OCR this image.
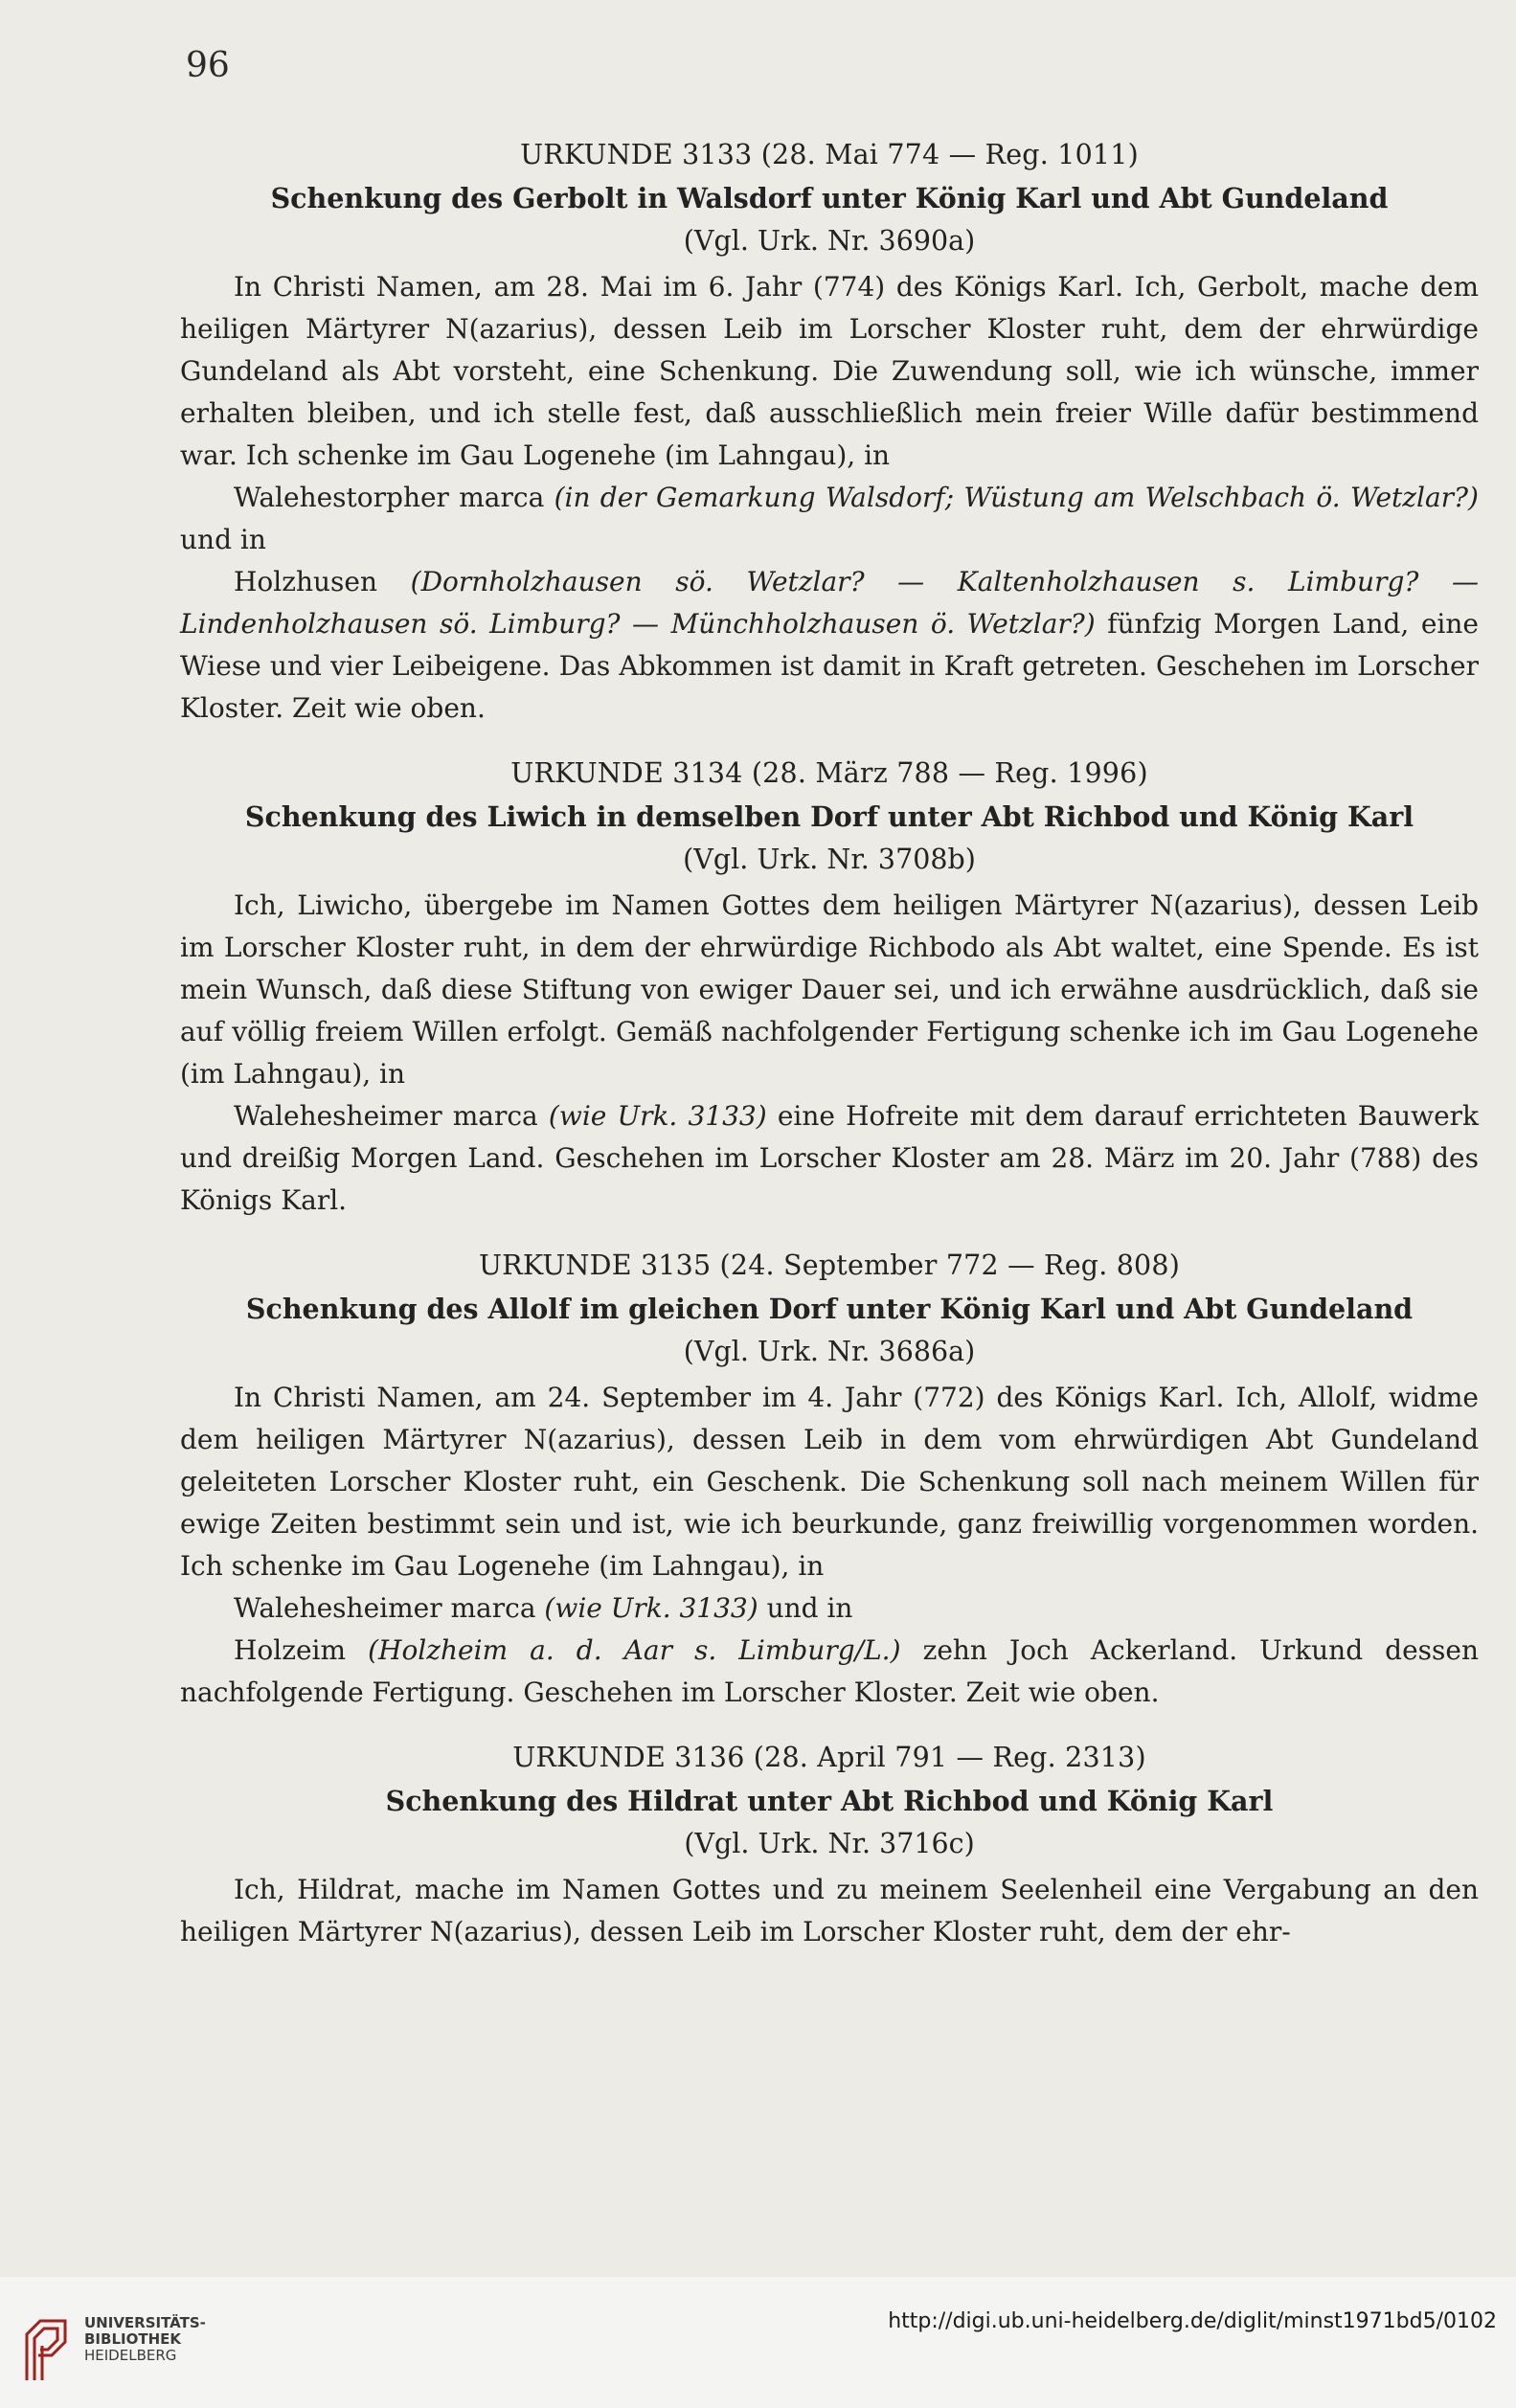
96

URKUNDE 3133 (28. Mai 774 — Reg. 1011)

Schenkung des Gerbolt in Walsdorf unter König Karl und Abt Gundeland

(Vgl. Urk. Nr. 3690a)

In Christi Namen, am 28. Mai im 6. Jahr (774) des Königs Karl. Ich, Gerbolt, mache dem heiligen Märtyrer N(azarius), dessen Leib im Lorscher Kloster ruht, dem der ehrwürdige Gundeland als Abt vorsteht, eine Schenkung. Die Zuwendung soll, wie ich wünsche, immer erhalten bleiben, und ich stelle fest, daß ausschließlich mein freier Wille dafür bestimmend war. Ich schenke im Gau Logenehe (im Lahngau), in

Walehestorpher marca (in der Gemarkung Walsdorf; Wüstung am Welschbach ö. Wetzlar?) und in

Holzhusen (Dornholzhausen sö. Wetzlar? — Kaltenholzhausen s. Limburg? — Lindenholzhausen sö. Limburg? — Münchholzhausen ö. Wetzlar?) fünfzig Morgen Land, eine Wiese und vier Leibeigene. Das Abkommen ist damit in Kraft getreten. Geschehen im Lorscher Kloster. Zeit wie oben.

URKUNDE 3134 (28. März 788 — Reg. 1996)

Schenkung des Liwich in demselben Dorf unter Abt Richbod und König Karl

(Vgl. Urk. Nr. 3708b)

Ich, Liwicho, übergebe im Namen Gottes dem heiligen Märtyrer N(azarius), dessen Leib im Lorscher Kloster ruht, in dem der ehrwürdige Richbodo als Abt waltet, eine Spende. Es ist mein Wunsch, daß diese Stiftung von ewiger Dauer sei, und ich erwähne ausdrücklich, daß sie auf völlig freiem Willen erfolgt. Gemäß nachfolgender Fertigung schenke ich im Gau Logenehe (im Lahngau), in

Walehesheimer marca (wie Urk. 3133) eine Hofreite mit dem darauf errichteten Bauwerk und dreißig Morgen Land. Geschehen im Lorscher Kloster am 28. März im 20. Jahr (788) des Königs Karl.

URKUNDE 3135 (24. September 772 — Reg. 808)

Schenkung des Allolf im gleichen Dorf unter König Karl und Abt Gundeland

(Vgl. Urk. Nr. 3686a)

In Christi Namen, am 24. September im 4. Jahr (772) des Königs Karl. Ich, Allolf, widme dem heiligen Märtyrer N(azarius), dessen Leib in dem vom ehrwürdigen Abt Gundeland geleiteten Lorscher Kloster ruht, ein Geschenk. Die Schenkung soll nach meinem Willen für ewige Zeiten bestimmt sein und ist, wie ich beurkunde, ganz freiwillig vorgenommen worden. Ich schenke im Gau Logenehe (im Lahngau), in

Walehesheimer marca (wie Urk. 3133) und in

Holzeim (Holzheim a. d. Aar s. Limburg/L.) zehn Joch Ackerland. Urkund dessen nachfolgende Fertigung. Geschehen im Lorscher Kloster. Zeit wie oben.

URKUNDE 3136 (28. April 791 — Reg. 2313)

Schenkung des Hildrat unter Abt Richbod und König Karl

(Vgl. Urk. Nr. 3716c)

Ich, Hildrat, mache im Namen Gottes und zu meinem Seelenheil eine Vergabung an den heiligen Märtyrer N(azarius), dessen Leib im Lorscher Kloster ruht, dem der ehr-

UNIVERSITÄTS-
BIBLIOTHEK
HEIDELBERG
http://digi.ub.uni-heidelberg.de/diglit/minst1971bd5/0102
